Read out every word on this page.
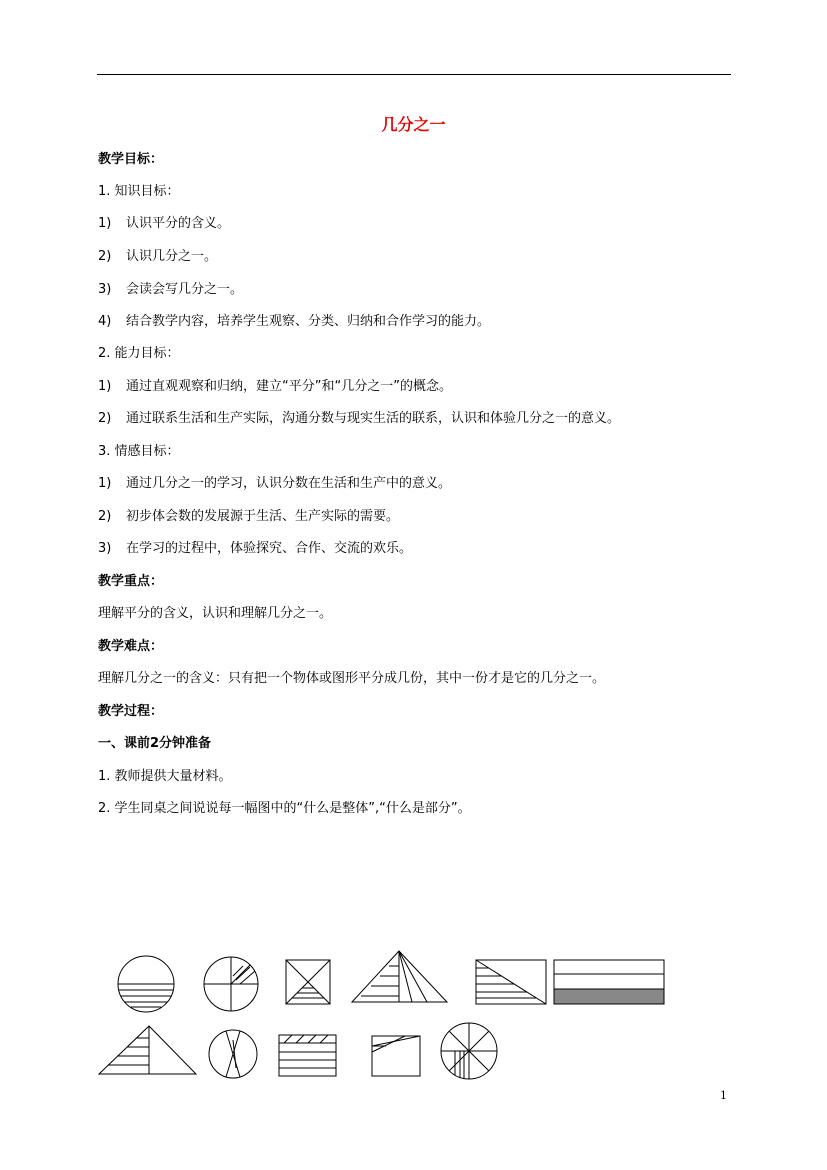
几分之一
教学目标：
1. 知识目标：
1) 认识平分的含义。
2) 认识几分之一。
3) 会读会写几分之一。
4) 结合教学内容，培养学生观察、分类、归纳和合作学习的能力。
2. 能力目标：
1) 通过直观观察和归纳，建立“平分”和“几分之一”的概念。
2) 通过联系生活和生产实际，沟通分数与现实生活的联系，认识和体验几分之一的意义。
3. 情感目标：
1) 通过几分之一的学习，认识分数在生活和生产中的意义。
2) 初步体会数的发展源于生活、生产实际的需要。
3) 在学习的过程中，体验探究、合作、交流的欢乐。
教学重点：
理解平分的含义，认识和理解几分之一。
教学难点：
理解几分之一的含义：只有把一个物体或图形平分成几份，其中一份才是它的几分之一。
教学过程：
一、课前2分钟准备
1. 教师提供大量材料。
2. 学生同桌之间说说每一幅图中的“什么是整体”,“什么是部分”。
1
